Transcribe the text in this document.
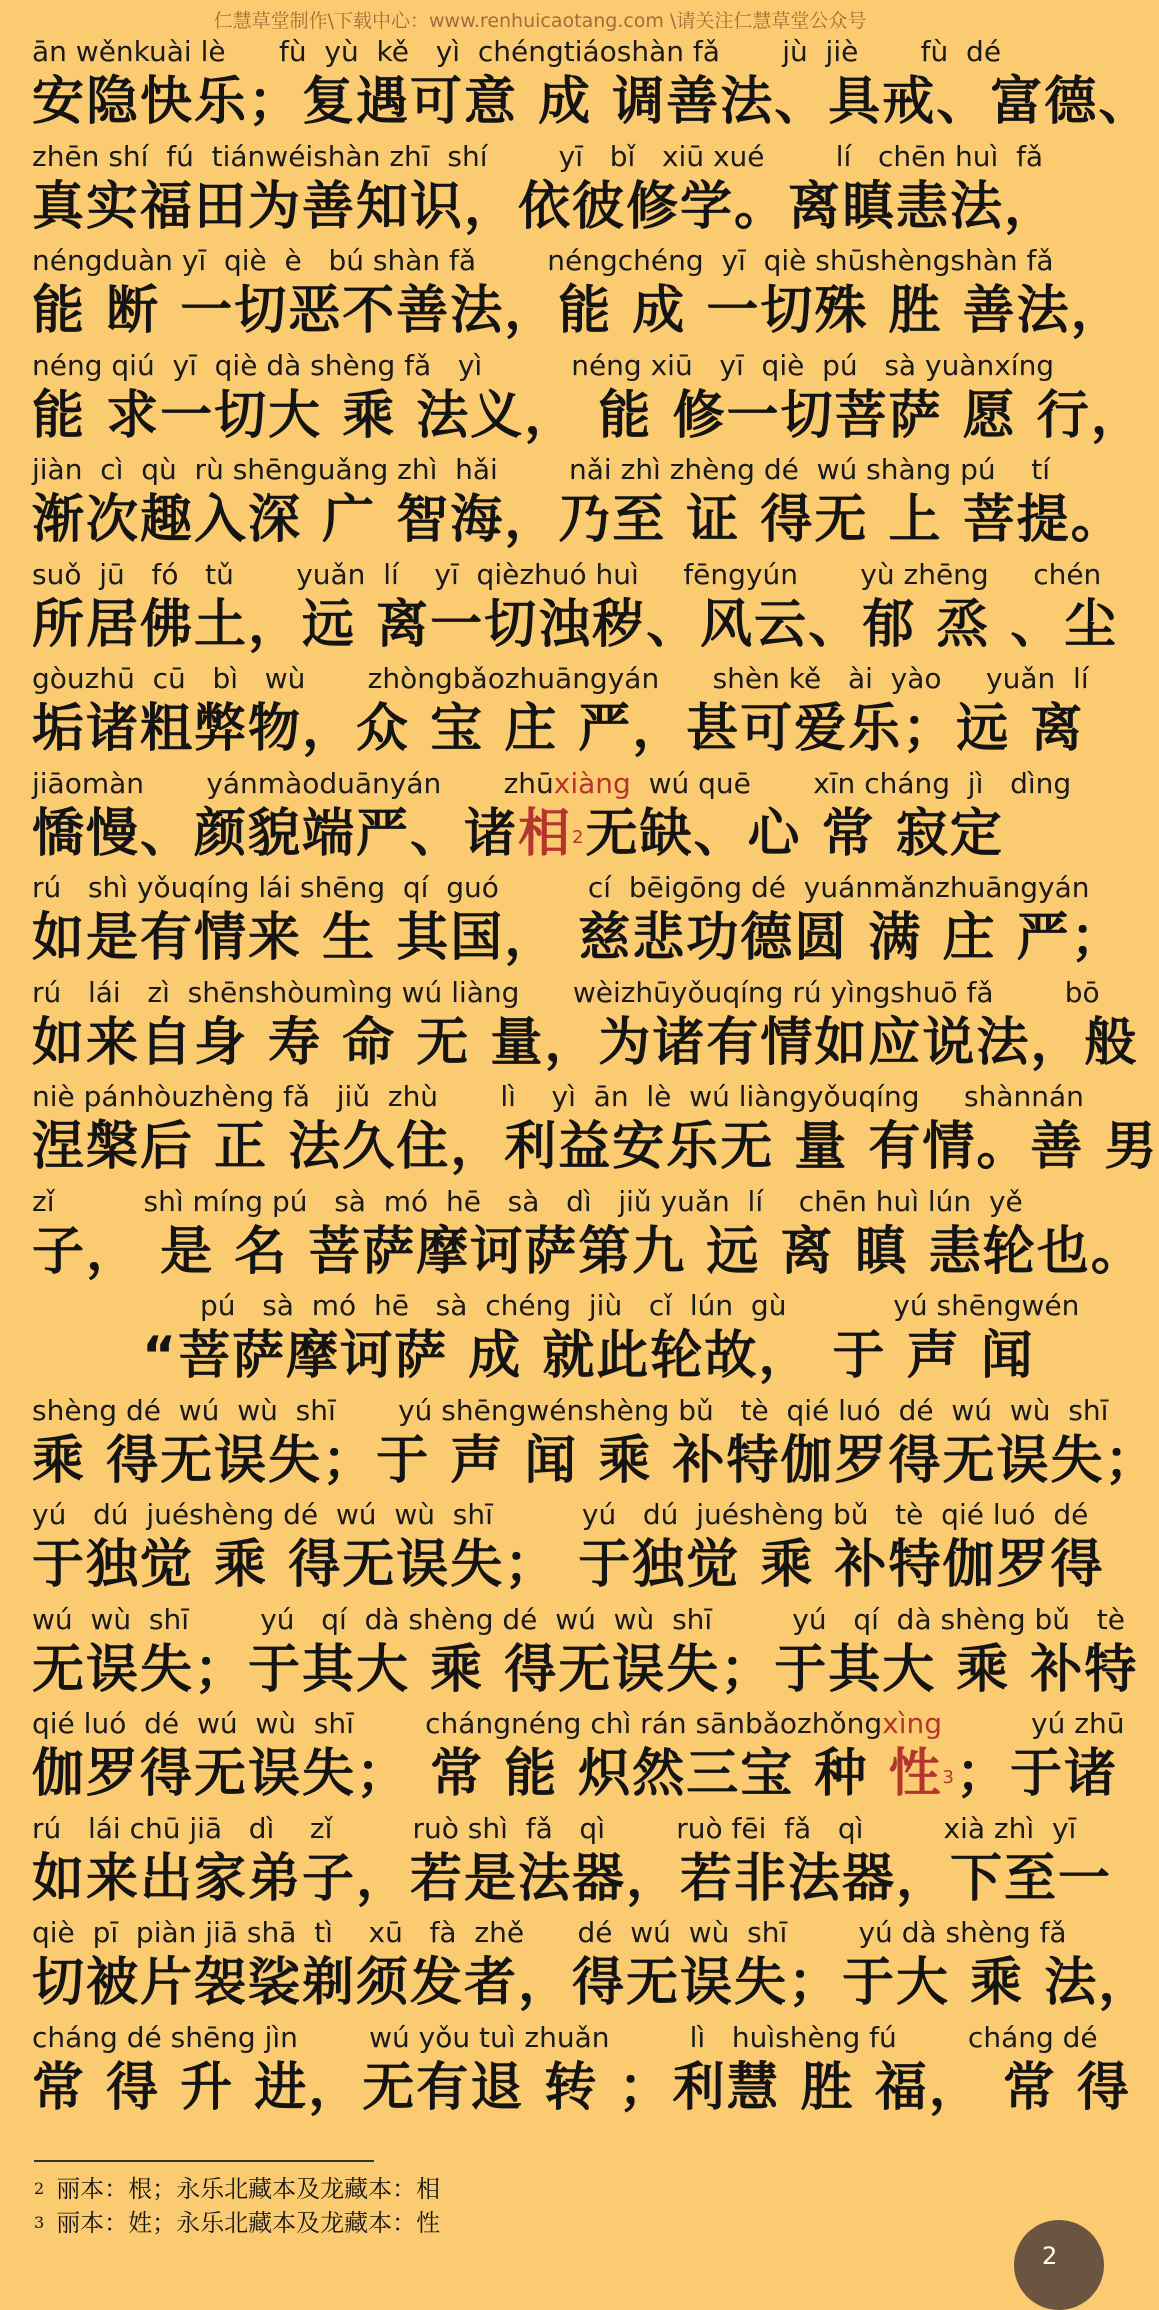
仁慧草堂制作\下载中心：www.renhuicaotang.com \请关注仁慧草堂公众号
ān wěnkuài lè      fù  yù  kě   yì  chéngtiáoshàn fǎ       jù  jiè       fù  dé
安隐快乐；复遇可意 成 调善法、具戒、富德、
zhēn shí  fú  tiánwéishàn zhī  shí        yī   bǐ   xiū xué        lí   chēn huì  fǎ
真实福田为善知识，依彼修学。离瞋恚法，
néngduàn yī  qiè  è   bú shàn fǎ        néngchéng  yī  qiè shūshèngshàn fǎ
能 断 一切恶不善法，能 成 一切殊 胜 善法，
néng qiú  yī  qiè dà shèng fǎ   yì          néng xiū   yī  qiè  pú   sà yuànxíng
能 求一切大 乘 法义， 能 修一切菩萨 愿 行，
jiàn  cì  qù  rù shēnguǎng zhì  hǎi        nǎi zhì zhèng dé  wú shàng pú    tí
渐次趣入深 广 智海，乃至 证 得无 上 菩提。
suǒ  jū   fó   tǔ       yuǎn  lí    yī  qièzhuó huì     fēngyún       yù zhēng     chén
所居佛土，远 离一切浊秽、风云、郁 烝 、尘
gòuzhū  cū   bì   wù       zhòngbǎozhuāngyán      shèn kě   ài  yào     yuǎn  lí
垢诸粗弊物，众 宝 庄 严，甚可爱乐；远 离
jiāomàn       yánmàoduānyán       zhūxiàng  wú quē       xīn cháng  jì   dìng
憍慢、颜貌端严、诸相$^2$无缺、心 常 寂定
rú   shì yǒuqíng lái shēng  qí  guó          cí  bēigōng dé  yuánmǎnzhuāngyán
如是有情来 生 其国， 慈悲功德圆 满 庄 严；
rú   lái   zì  shēnshòumìng wú liàng      wèizhūyǒuqíng rú yìngshuō fǎ        bō
如来自身 寿 命 无 量，为诸有情如应说法，般
niè pánhòuzhèng fǎ   jiǔ  zhù       lì    yì  ān  lè  wú liàngyǒuqíng     shànnán
涅槃后 正 法久住，利益安乐无 量 有情。善 男
zǐ          shì míng pú   sà  mó  hē   sà   dì   jiǔ yuǎn  lí    chēn huì lún  yě
子， 是 名 菩萨摩诃萨第九 远 离 瞋 恚轮也。
pú   sà  mó  hē   sà  chéng  jiù   cǐ  lún  gù            yú shēngwén
“菩萨摩诃萨 成 就此轮故， 于 声 闻
shèng dé  wú  wù  shī       yú shēngwénshèng bǔ   tè  qié luó  dé  wú  wù  shī
乘 得无误失；于 声 闻 乘 补特伽罗得无误失；
yú   dú  juéshèng dé  wú  wù  shī          yú   dú  juéshèng bǔ   tè  qié luó  dé
于独觉 乘 得无误失； 于独觉 乘 补特伽罗得
wú  wù  shī        yú   qí  dà shèng dé  wú  wù  shī         yú   qí  dà shèng bǔ   tè
无误失；于其大 乘 得无误失；于其大 乘 补特
qié luó  dé  wú  wù  shī        chángnéng chì rán sānbǎozhǒngxìng          yú zhū
伽罗得无误失； 常 能 炽然三宝 种 性$^3$；于诸
rú   lái chū jiā   dì    zǐ         ruò shì  fǎ   qì        ruò fēi  fǎ   qì         xià zhì  yī
如来出家弟子，若是法器，若非法器，下至一
qiè  pī  piàn jiā shā  tì    xū   fà  zhě      dé  wú  wù  shī        yú dà shèng fǎ
切被片袈裟剃须发者，得无误失；于大 乘 法，
cháng dé shēng jìn        wú yǒu tuì zhuǎn         lì   huìshèng fú        cháng dé
常 得 升 进，无有退 转 ；利慧 胜 福， 常 得
$^2$ 丽本：根；永乐北藏本及龙藏本：相
$^3$ 丽本：姓；永乐北藏本及龙藏本：性
2
